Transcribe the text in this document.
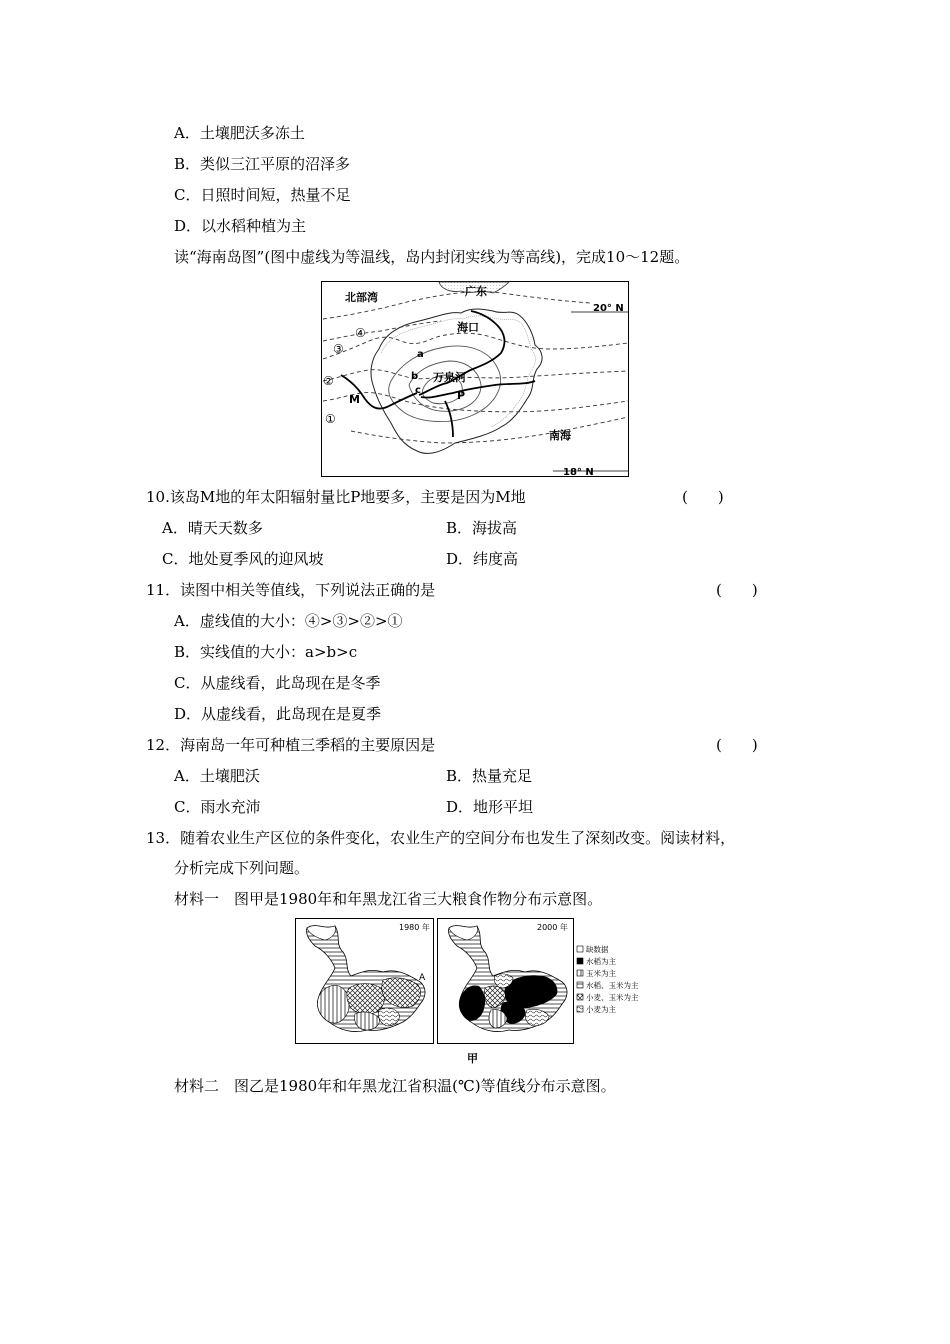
A．土壤肥沃多冻土
B．类似三江平原的沼泽多
C．日照时间短，热量不足
D．以水稻种植为主
读“海南岛图”(图中虚线为等温线，岛内封闭实线为等高线)，完成10～12题。
北部湾	广东
20° N
海口
④
③
②
①
a
b
c
万泉河
M	P
南海
18° N
10.该岛M地的年太阳辐射量比P地要多，主要是因为M地	(　　)
A．晴天天数多	B．海拔高
C．地处夏季风的迎风坡	D．纬度高
11．读图中相关等值线，下列说法正确的是	(　　)
A．虚线值的大小：④>③>②>①
B．实线值的大小：a>b>c
C．从虚线看，此岛现在是冬季
D．从虚线看，此岛现在是夏季
12．海南岛一年可种植三季稻的主要原因是	(　　)
A．土壤肥沃	B．热量充足
C．雨水充沛	D．地形平坦
13．随着农业生产区位的条件变化，农业生产的空间分布也发生了深刻改变。阅读材料，
分析完成下列问题。
材料一　图甲是1980年和年黑龙江省三大粮食作物分布示意图。
1980 年
A
2000 年
缺数据
水稻为主
玉米为主
水稻、玉米为主
小麦、玉米为主
小麦为主
甲
材料二　图乙是1980年和年黑龙江省积温(℃)等值线分布示意图。
